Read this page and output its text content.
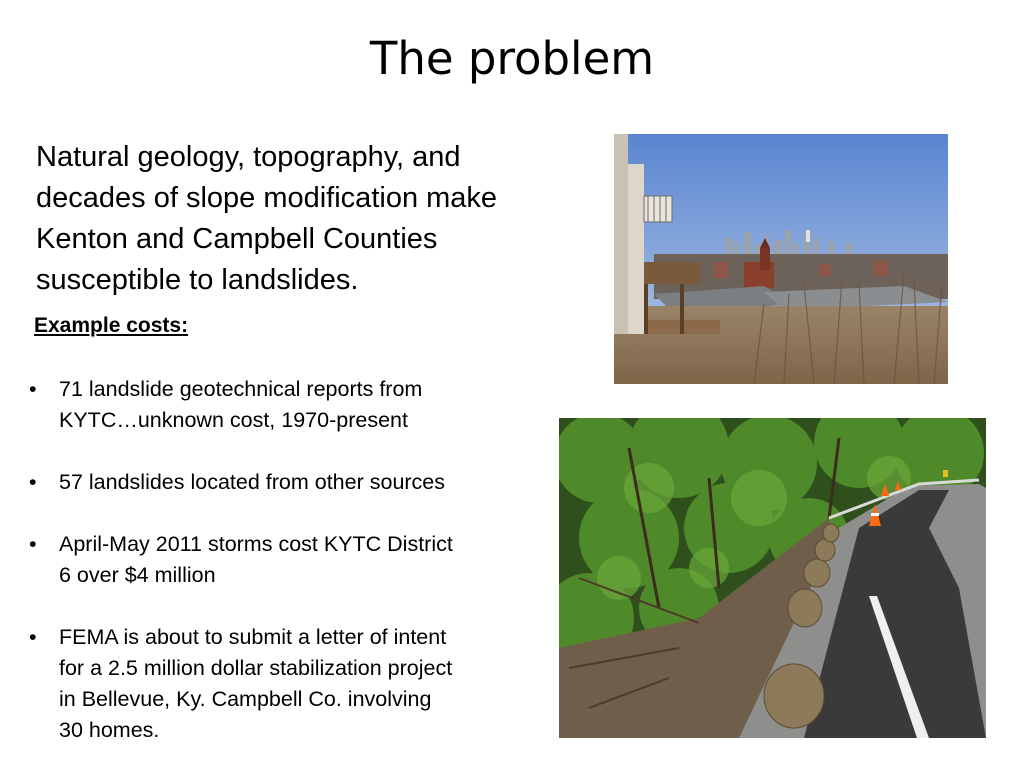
The problem
Natural geology, topography, and
decades of slope modification make
Kenton and Campbell Counties
susceptible to landslides.
Example costs:
• 71 landslide geotechnical reports from
KYTC…unknown cost, 1970-present
• 57 landslides located from other sources
• April-May 2011 storms cost KYTC District
6 over $4 million
• FEMA is about to submit a letter of intent
for a 2.5 million dollar stabilization project
in Bellevue, Ky. Campbell Co. involving
30 homes.
